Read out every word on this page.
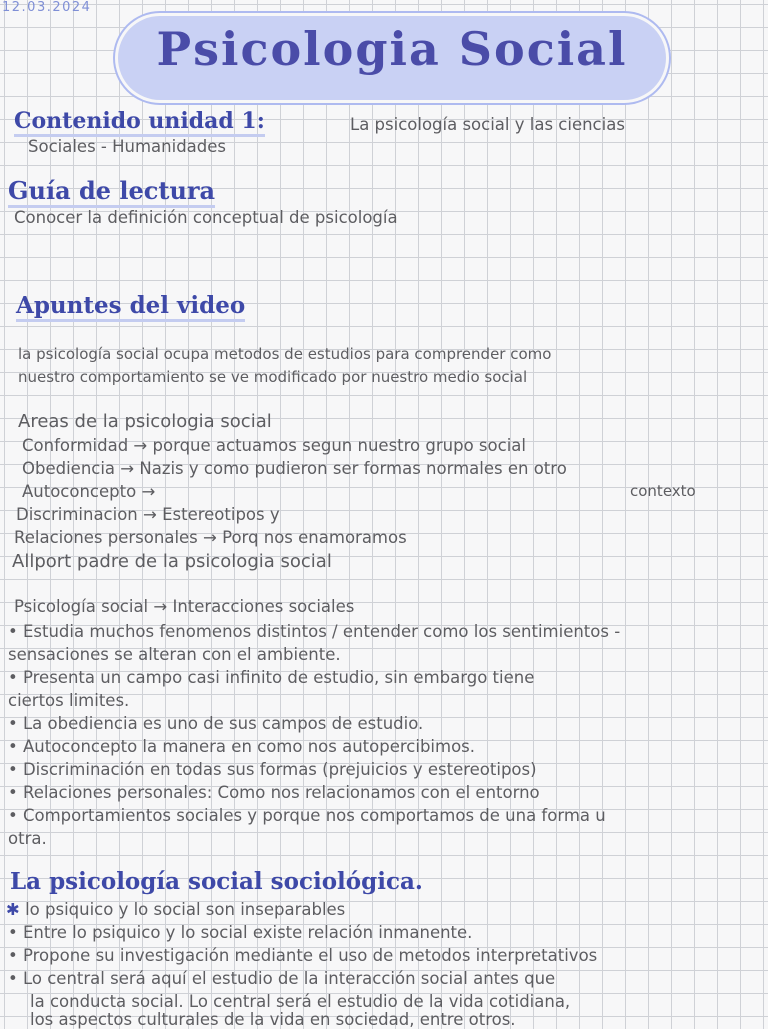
12.03.2024
Psicologia Social
Contenido unidad 1:	La psicología social y las ciencias
Sociales - Humanidades
Guía de lectura
Conocer la definición conceptual de psicología
Apuntes del video
la psicología social ocupa metodos de estudios para comprender como
nuestro comportamiento se ve modificado por nuestro medio social
Areas de la psicologia social
Conformidad → porque actuamos segun nuestro grupo social
Obediencia → Nazis y como pudieron ser formas normales en otro
contexto
Autoconcepto →
Discriminacion → Estereotipos y
Relaciones personales → Porq nos enamoramos
Allport padre de la psicologia social
Psicología social → Interacciones sociales
• Estudia muchos fenomenos distintos / entender como los sentimientos -
sensaciones se alteran con el ambiente.
• Presenta un campo casi infinito de estudio, sin embargo tiene
ciertos limites.
• La obediencia es uno de sus campos de estudio.
• Autoconcepto la manera en como nos autopercibimos.
• Discriminación en todas sus formas (prejuicios y estereotipos)
• Relaciones personales: Como nos relacionamos con el entorno
• Comportamientos sociales y porque nos comportamos de una forma u
otra.
La psicología social sociológica.
✱ lo psiquico y lo social son inseparables
• Entre lo psiquico y lo social existe relación inmanente.
• Propone su investigación mediante el uso de metodos interpretativos
• Lo central será aquí el estudio de la interacción social antes que
la conducta social. Lo central será el estudio de la vida cotidiana,
los aspectos culturales de la vida en sociedad, entre otros.
